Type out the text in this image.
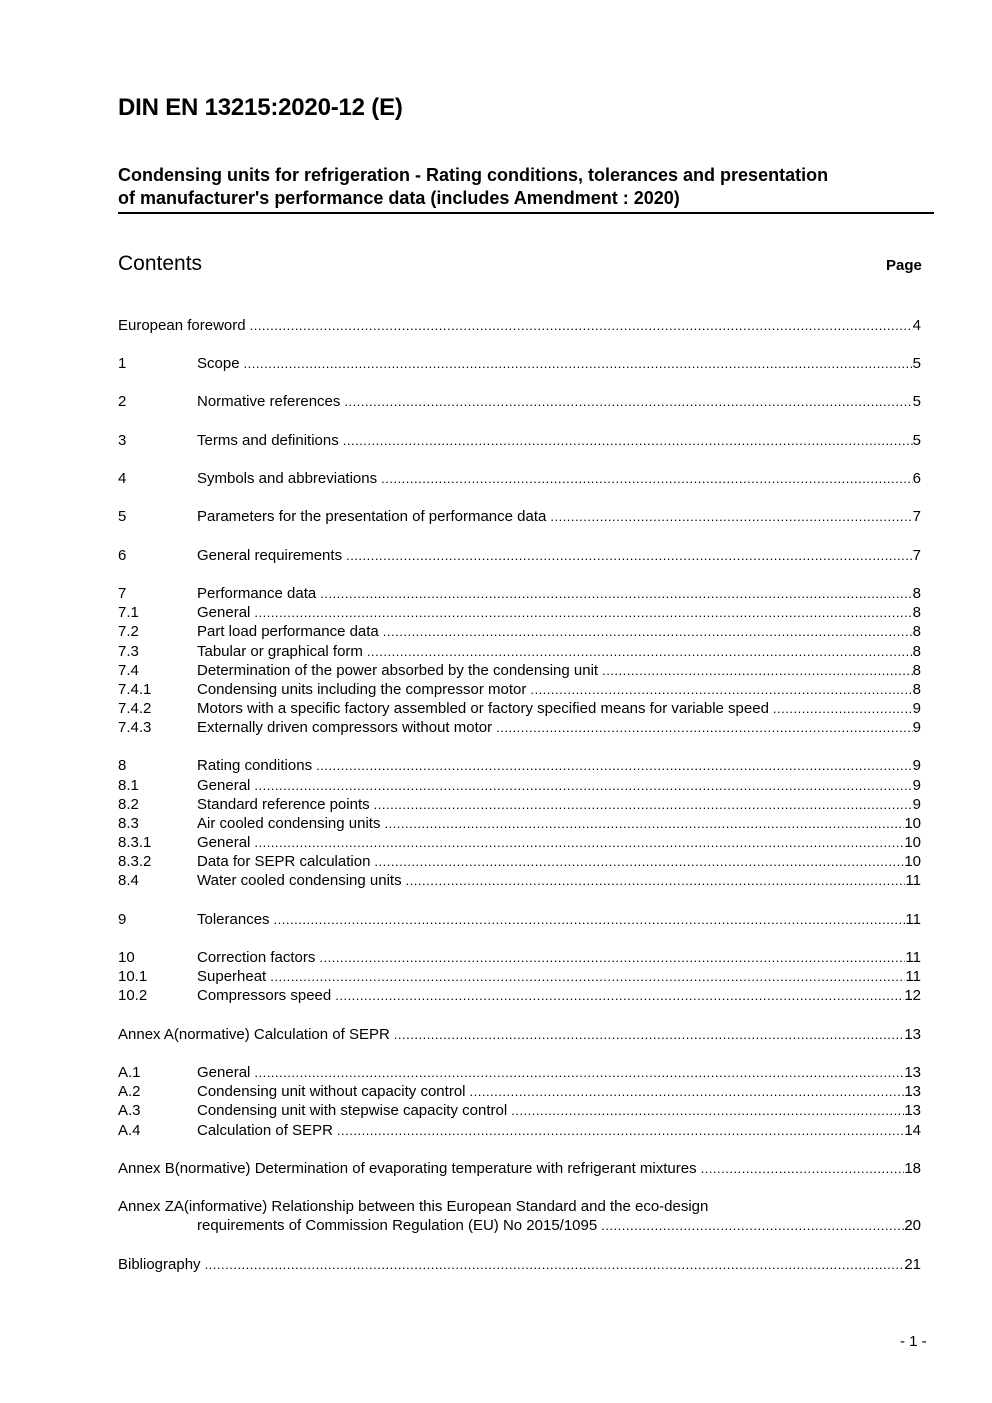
DIN EN 13215:2020-12 (E)
Condensing units for refrigeration - Rating conditions, tolerances and presentation
of manufacturer's performance data (includes Amendment : 2020)
Contents	Page
European foreword .....	4
1	Scope .....	5
2	Normative references .....	5
3	Terms and definitions .....	5
4	Symbols and abbreviations .....	6
5	Parameters for the presentation of performance data .....	7
6	General requirements .....	7
7	Performance data .....	8
7.1	General .....	8
7.2	Part load performance data .....	8
7.3	Tabular or graphical form .....	8
7.4	Determination of the power absorbed by the condensing unit .....	8
7.4.1	Condensing units including the compressor motor .....	8
7.4.2	Motors with a specific factory assembled or factory specified means for variable speed .....	9
7.4.3	Externally driven compressors without motor .....	9
8	Rating conditions .....	9
8.1	General .....	9
8.2	Standard reference points .....	9
8.3	Air cooled condensing units .....	10
8.3.1	General .....	10
8.3.2	Data for SEPR calculation .....	10
8.4	Water cooled condensing units .....	11
9	Tolerances .....	11
10	Correction factors .....	11
10.1	Superheat .....	11
10.2	Compressors speed .....	12
Annex A(normative) Calculation of SEPR .....	13
A.1	General .....	13
A.2	Condensing unit without capacity control .....	13
A.3	Condensing unit with stepwise capacity control .....	13
A.4	Calculation of SEPR .....	14
Annex B(normative) Determination of evaporating temperature with refrigerant mixtures .....	18
Annex ZA(informative) Relationship between this European Standard and the eco-design
requirements of Commission Regulation (EU) No 2015/1095 .....	20
Bibliography .....	21
- 1 -
